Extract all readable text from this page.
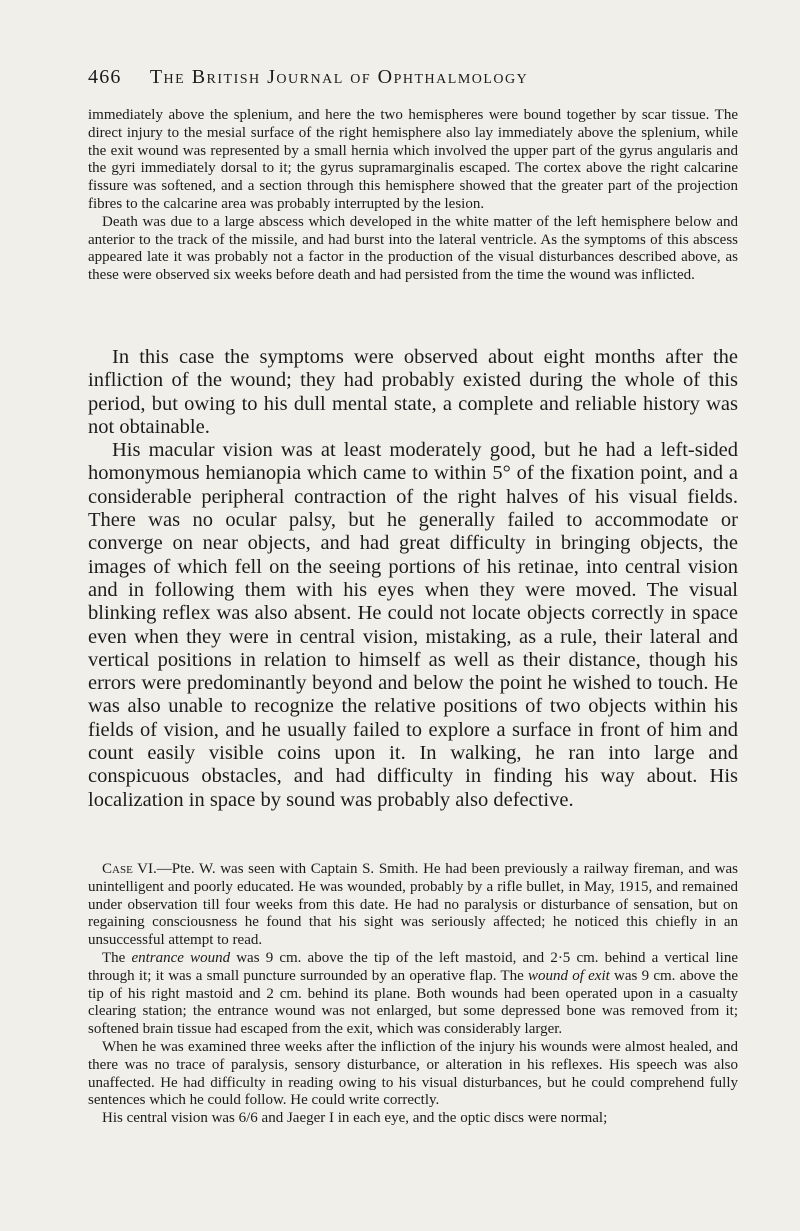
466 The British Journal of Ophthalmology

immediately above the splenium, and here the two hemispheres were bound together by scar tissue. The direct injury to the mesial surface of the right hemisphere also lay immediately above the splenium, while the exit wound was represented by a small hernia which involved the upper part of the gyrus angularis and the gyri immediately dorsal to it; the gyrus supramarginalis escaped. The cortex above the right calcarine fissure was softened, and a section through this hemisphere showed that the greater part of the projection fibres to the calcarine area was probably interrupted by the lesion.

Death was due to a large abscess which developed in the white matter of the left hemisphere below and anterior to the track of the missile, and had burst into the lateral ventricle. As the symptoms of this abscess appeared late it was probably not a factor in the production of the visual disturbances described above, as these were observed six weeks before death and had persisted from the time the wound was inflicted.

In this case the symptoms were observed about eight months after the infliction of the wound; they had probably existed during the whole of this period, but owing to his dull mental state, a complete and reliable history was not obtainable.

His macular vision was at least moderately good, but he had a left-sided homonymous hemianopia which came to within 5° of the fixation point, and a considerable peripheral contraction of the right halves of his visual fields. There was no ocular palsy, but he generally failed to accommodate or converge on near objects, and had great difficulty in bringing objects, the images of which fell on the seeing portions of his retinae, into central vision and in following them with his eyes when they were moved. The visual blinking reflex was also absent. He could not locate objects correctly in space even when they were in central vision, mistaking, as a rule, their lateral and vertical positions in relation to himself as well as their distance, though his errors were predominantly beyond and below the point he wished to touch. He was also unable to recognize the relative positions of two objects within his fields of vision, and he usually failed to explore a surface in front of him and count easily visible coins upon it. In walking, he ran into large and conspicuous obstacles, and had difficulty in finding his way about. His localization in space by sound was probably also defective.

Case VI.—Pte. W. was seen with Captain S. Smith. He had been previously a railway fireman, and was unintelligent and poorly educated. He was wounded, probably by a rifle bullet, in May, 1915, and remained under observation till four weeks from this date. He had no paralysis or disturbance of sensation, but on regaining consciousness he found that his sight was seriously affected; he noticed this chiefly in an unsuccessful attempt to read.

The entrance wound was 9 cm. above the tip of the left mastoid, and 2·5 cm. behind a vertical line through it; it was a small puncture surrounded by an operative flap. The wound of exit was 9 cm. above the tip of his right mastoid and 2 cm. behind its plane. Both wounds had been operated upon in a casualty clearing station; the entrance wound was not enlarged, but some depressed bone was removed from it; softened brain tissue had escaped from the exit, which was considerably larger.

When he was examined three weeks after the infliction of the injury his wounds were almost healed, and there was no trace of paralysis, sensory disturbance, or alteration in his reflexes. His speech was also unaffected. He had difficulty in reading owing to his visual disturbances, but he could comprehend fully sentences which he could follow. He could write correctly.

His central vision was 6/6 and Jaeger I in each eye, and the optic discs were normal;
